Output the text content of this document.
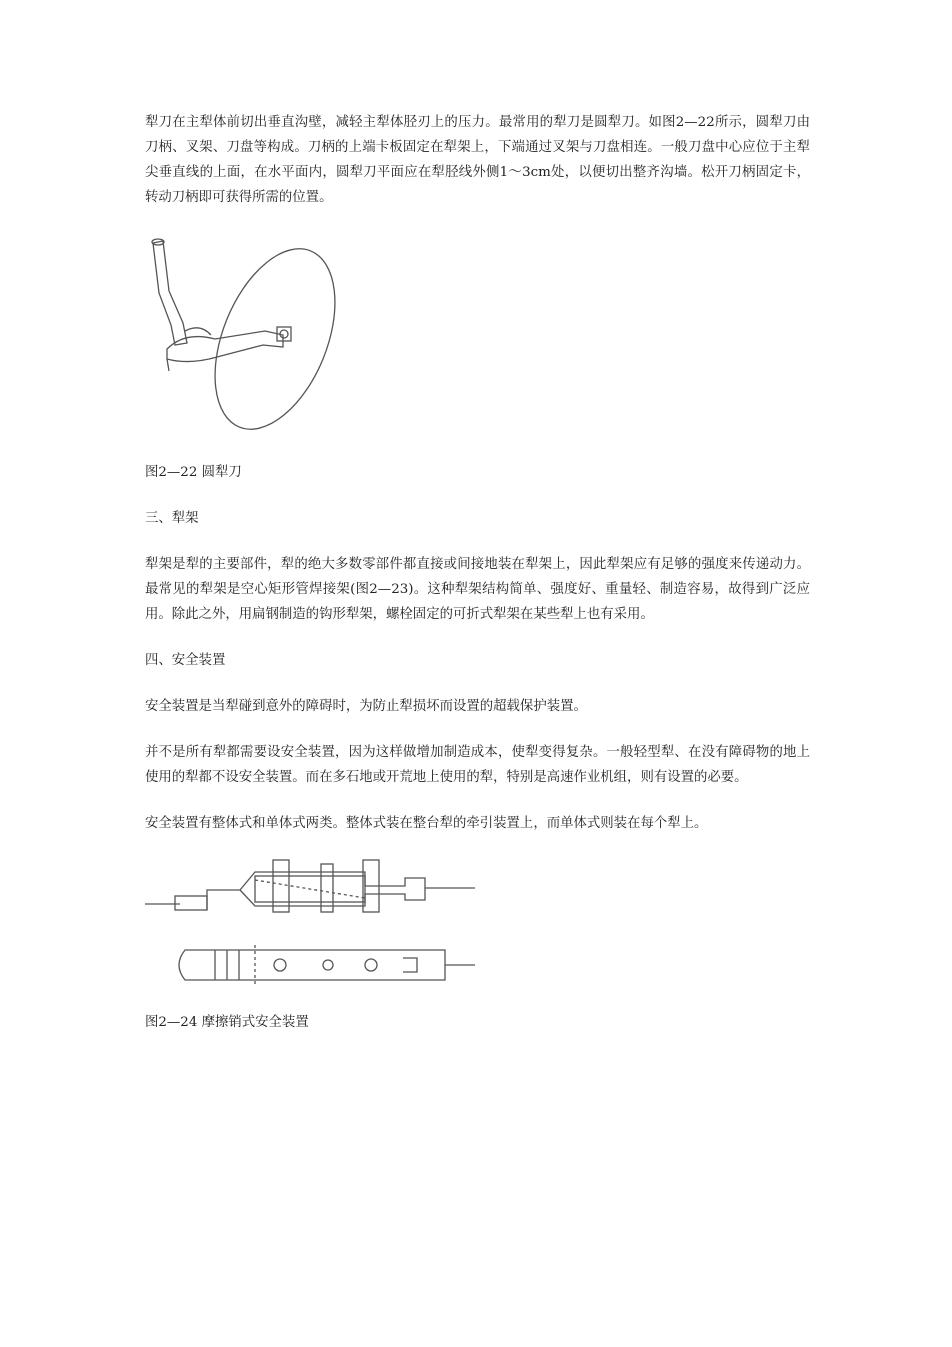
犁刀在主犁体前切出垂直沟壁，减轻主犁体胫刃上的压力。最常用的犁刀是圆犁刀。如图2—22所示，圆犁刀由刀柄、叉架、刀盘等构成。刀柄的上端卡板固定在犁架上，下端通过叉架与刀盘相连。一般刀盘中心应位于主犁尖垂直线的上面，在水平面内，圆犁刀平面应在犁胫线外侧1～3cm处，以便切出整齐沟墙。松开刀柄固定卡，转动刀柄即可获得所需的位置。

图2—22 圆犁刀

三、犁架

犁架是犁的主要部件，犁的绝大多数零部件都直接或间接地装在犁架上，因此犁架应有足够的强度来传递动力。最常见的犁架是空心矩形管焊接架(图2—23)。这种犁架结构简单、强度好、重量轻、制造容易，故得到广泛应用。除此之外，用扁钢制造的钩形犁架，螺栓固定的可折式犁架在某些犁上也有采用。

四、安全装置

安全装置是当犁碰到意外的障碍时，为防止犁损坏而设置的超载保护装置。

并不是所有犁都需要设安全装置，因为这样做增加制造成本，使犁变得复杂。一般轻型犁、在没有障碍物的地上使用的犁都不设安全装置。而在多石地或开荒地上使用的犁，特别是高速作业机组，则有设置的必要。

安全装置有整体式和单体式两类。整体式装在整台犁的牵引装置上，而单体式则装在每个犁上。

图2—24 摩擦销式安全装置
